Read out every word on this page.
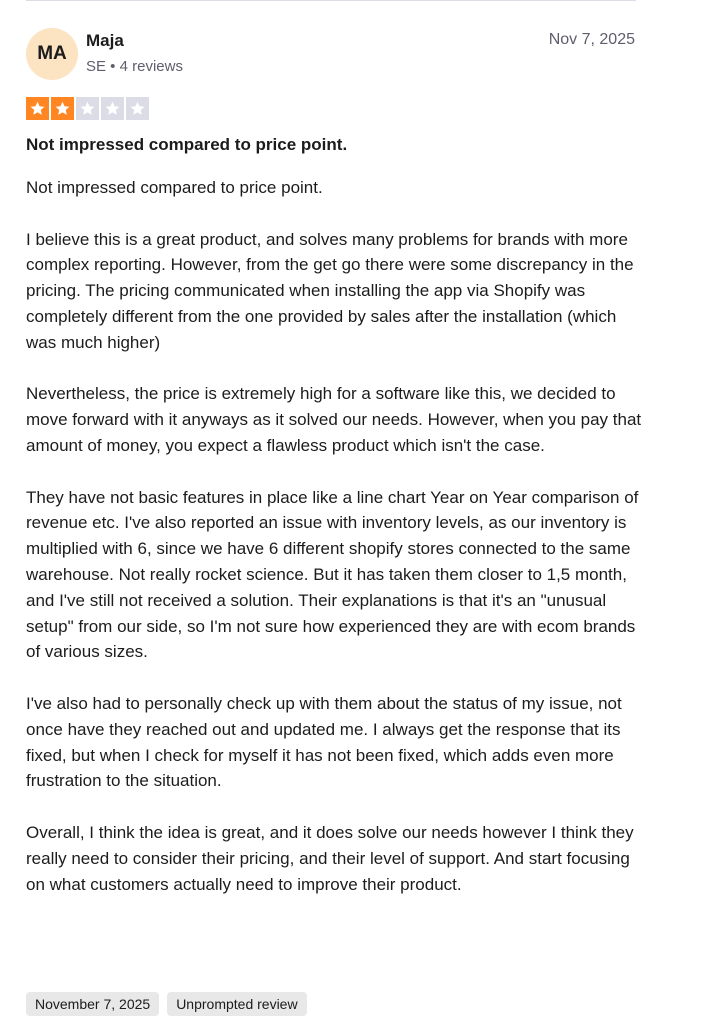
MA
Maja
SE • 4 reviews
Nov 7, 2025
Not impressed compared to price point.

Not impressed compared to price point.

I believe this is a great product, and solves many problems for brands with more complex reporting. However, from the get go there were some discrepancy in the pricing. The pricing communicated when installing the app via Shopify was completely different from the one provided by sales after the installation (which was much higher)

Nevertheless, the price is extremely high for a software like this, we decided to move forward with it anyways as it solved our needs. However, when you pay that amount of money, you expect a flawless product which isn't the case.

They have not basic features in place like a line chart Year on Year comparison of revenue etc. I've also reported an issue with inventory levels, as our inventory is multiplied with 6, since we have 6 different shopify stores connected to the same warehouse. Not really rocket science. But it has taken them closer to 1,5 month, and I've still not received a solution. Their explanations is that it's an "unusual setup" from our side, so I'm not sure how experienced they are with ecom brands of various sizes.

I've also had to personally check up with them about the status of my issue, not once have they reached out and updated me. I always get the response that its fixed, but when I check for myself it has not been fixed, which adds even more frustration to the situation.

Overall, I think the idea is great, and it does solve our needs however I think they really need to consider their pricing, and their level of support. And start focusing on what customers actually need to improve their product.

November 7, 2025	Unprompted review
